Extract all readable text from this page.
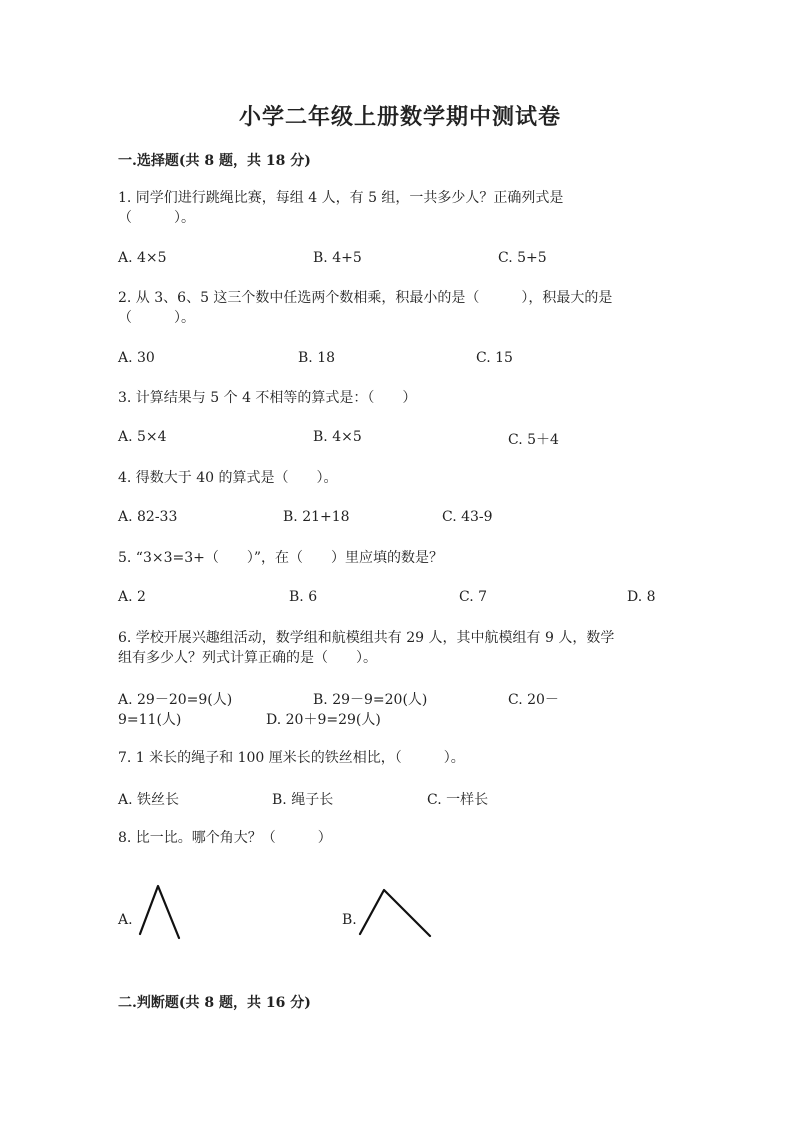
小学二年级上册数学期中测试卷
一.选择题(共 8 题，共 18 分)
1. 同学们进行跳绳比赛，每组 4 人，有 5 组，一共多少人？正确列式是
（　　　）。
A. 4×5	B. 4+5	C. 5+5
2. 从 3、6、5 这三个数中任选两个数相乘，积最小的是（　　　），积最大的是
（　　　）。
A. 30	B. 18	C. 15
3. 计算结果与 5 个 4 不相等的算式是：（　　）
A. 5×4	B. 4×5	C. 5＋4
4. 得数大于 40 的算式是（　　）。
A. 82-33	B. 21+18	C. 43-9
5. “3×3=3+（　　）”，在（　　）里应填的数是？
A. 2	B. 6	C. 7	D. 8
6. 学校开展兴趣组活动，数学组和航模组共有 29 人，其中航模组有 9 人，数学
组有多少人？列式计算正确的是（　　）。
A. 29－20=9(人)	B. 29－9=20(人)	C. 20－
9=11(人)	D. 20＋9=29(人)
7. 1 米长的绳子和 100 厘米长的铁丝相比，（　　　）。
A. 铁丝长	B. 绳子长	C. 一样长
8. 比一比。哪个角大？（　　　）
A.	B.
二.判断题(共 8 题，共 16 分)
